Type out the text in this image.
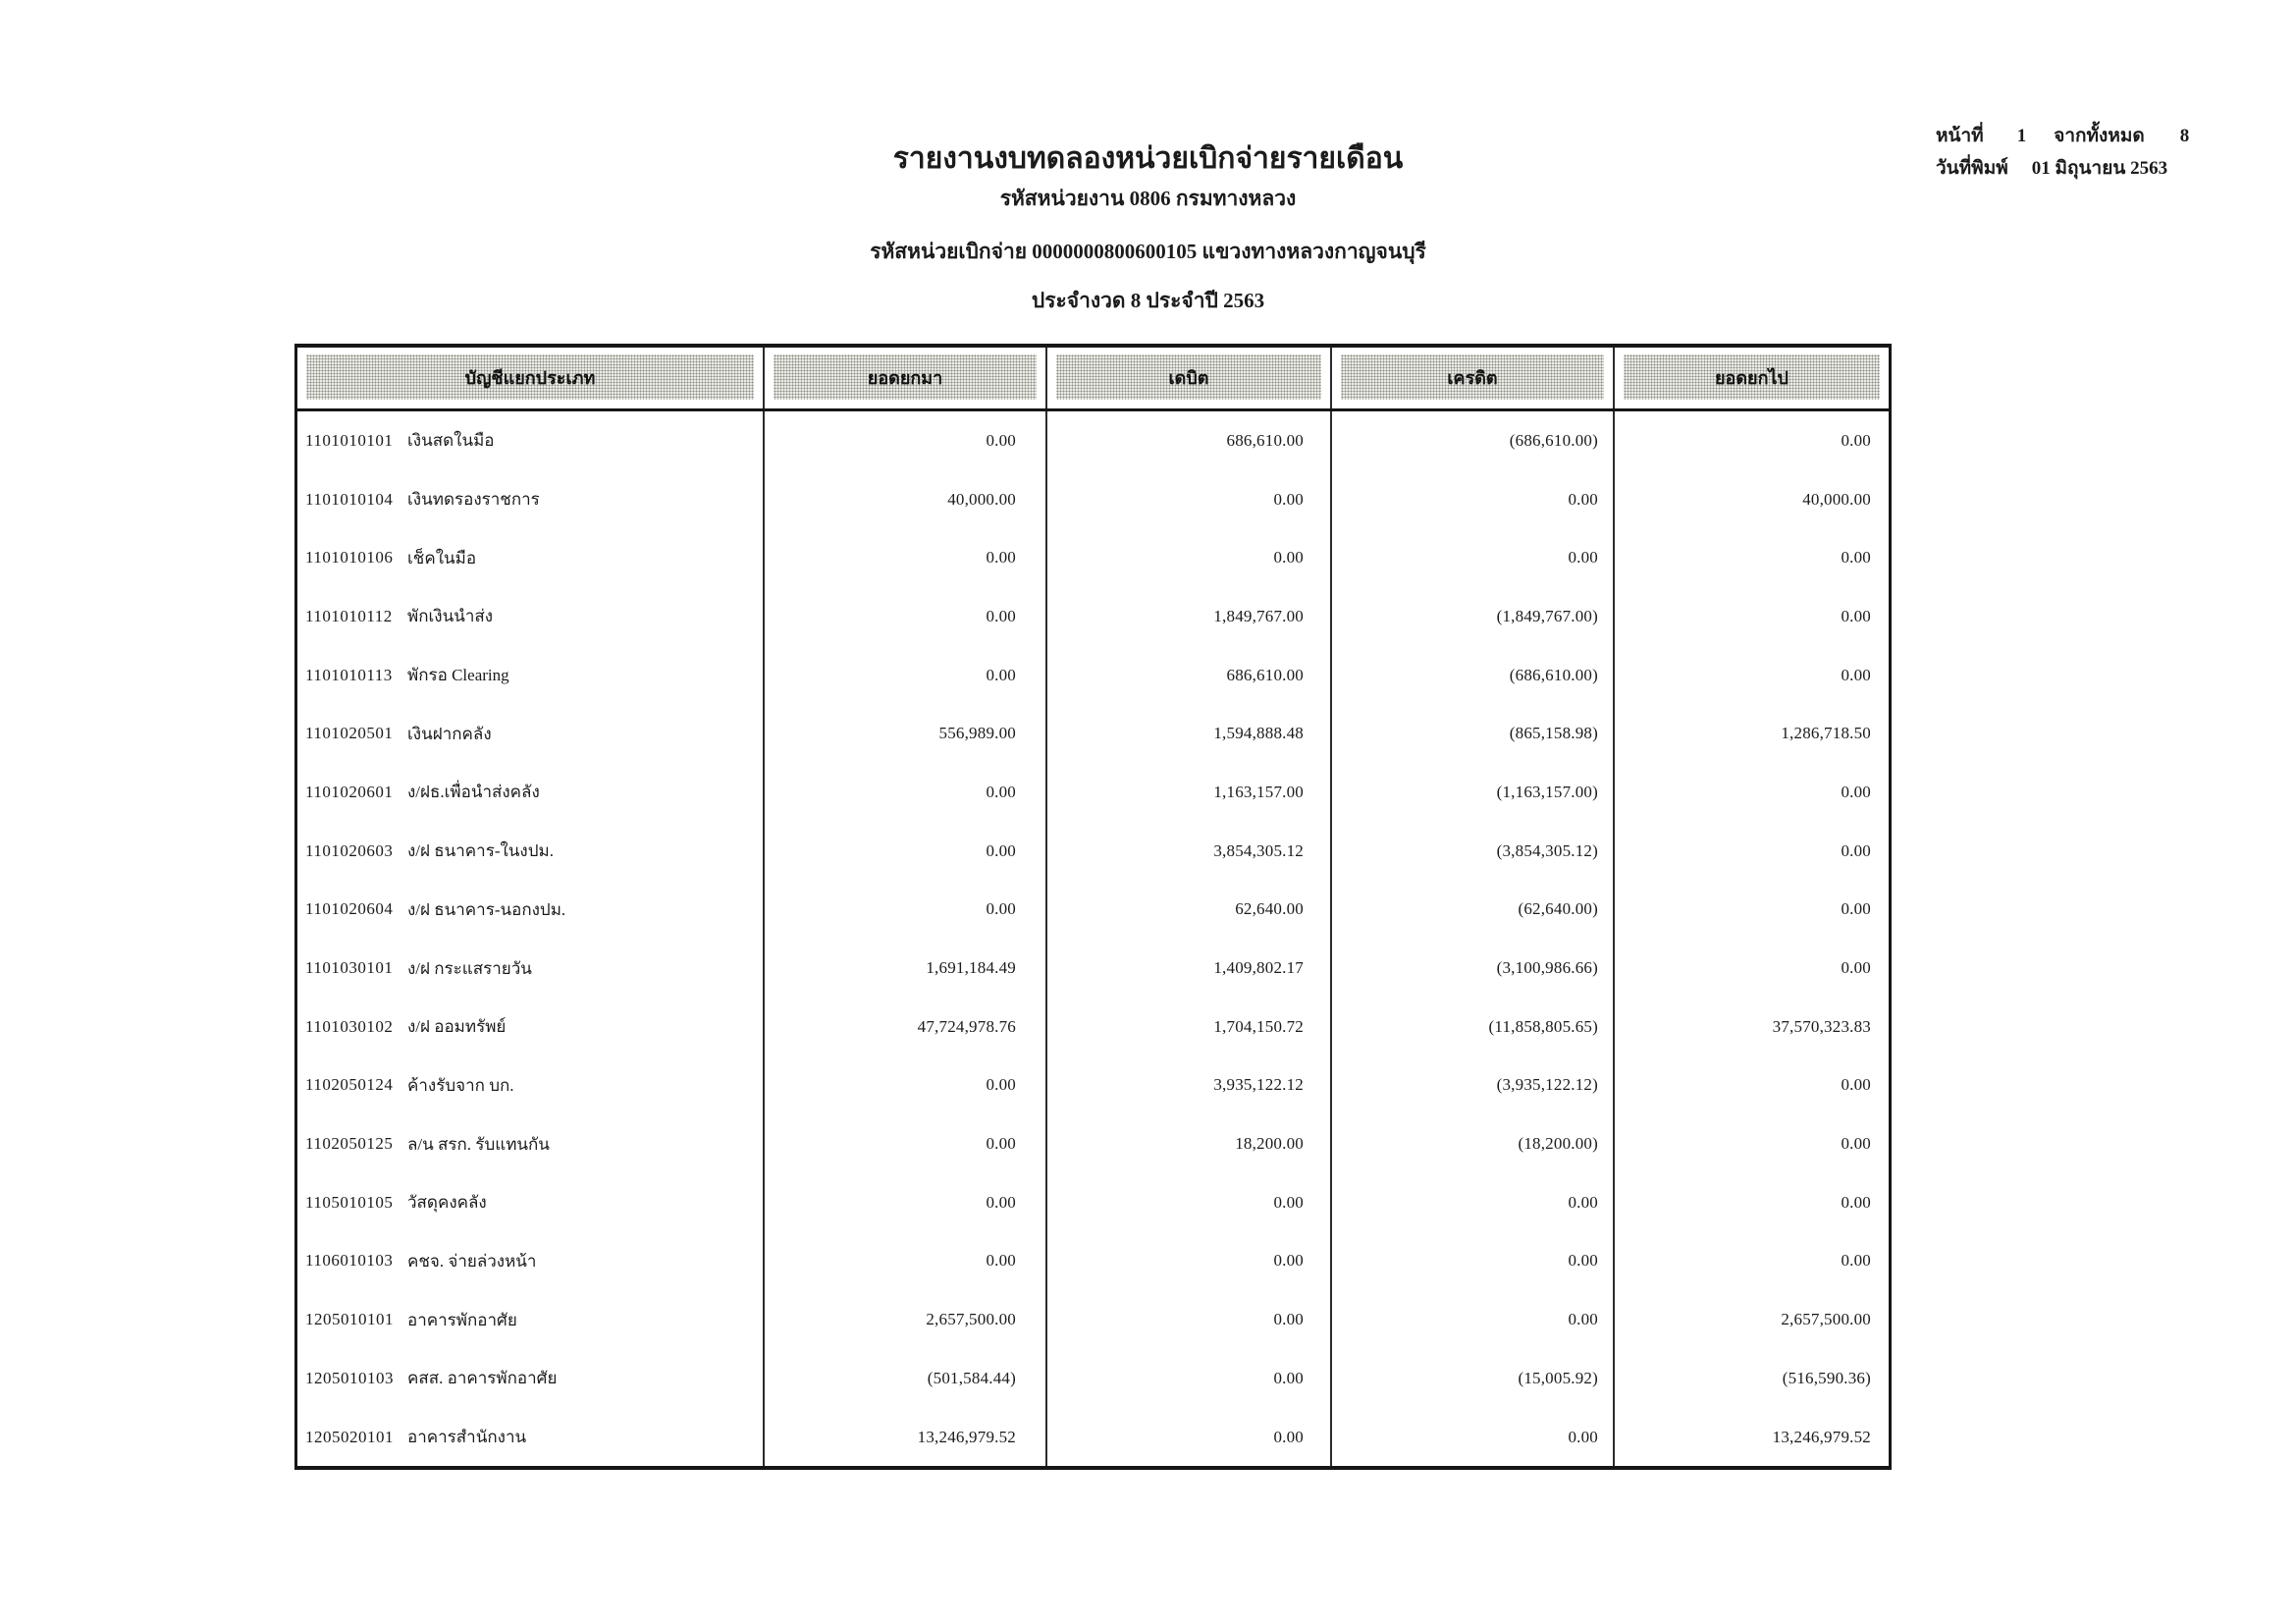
รายงานงบทดลองหน่วยเบิกจ่ายรายเดือน
รหัสหน่วยงาน 0806 กรมทางหลวง
รหัสหน่วยเบิกจ่าย 0000000800600105 แขวงทางหลวงกาญจนบุรี
ประจำงวด 8 ประจำปี 2563
หน้าที่ 1 จากทั้งหมด 8
วันที่พิมพ์ 01 มิถุนายน 2563
บัญชีแยกประเภท	ยอดยกมา	เดบิต	เครดิต	ยอดยกไป
1101010101 เงินสดในมือ	0.00	686,610.00	(686,610.00)	0.00
1101010104 เงินทดรองราชการ	40,000.00	0.00	0.00	40,000.00
1101010106 เช็คในมือ	0.00	0.00	0.00	0.00
1101010112 พักเงินนำส่ง	0.00	1,849,767.00	(1,849,767.00)	0.00
1101010113 พักรอ Clearing	0.00	686,610.00	(686,610.00)	0.00
1101020501 เงินฝากคลัง	556,989.00	1,594,888.48	(865,158.98)	1,286,718.50
1101020601 ง/ฝธ.เพื่อนำส่งคลัง	0.00	1,163,157.00	(1,163,157.00)	0.00
1101020603 ง/ฝ ธนาคาร-ในงปม.	0.00	3,854,305.12	(3,854,305.12)	0.00
1101020604 ง/ฝ ธนาคาร-นอกงปม.	0.00	62,640.00	(62,640.00)	0.00
1101030101 ง/ฝ กระแสรายวัน	1,691,184.49	1,409,802.17	(3,100,986.66)	0.00
1101030102 ง/ฝ ออมทรัพย์	47,724,978.76	1,704,150.72	(11,858,805.65)	37,570,323.83
1102050124 ค้างรับจาก บก.	0.00	3,935,122.12	(3,935,122.12)	0.00
1102050125 ล/น สรก. รับแทนกัน	0.00	18,200.00	(18,200.00)	0.00
1105010105 วัสดุคงคลัง	0.00	0.00	0.00	0.00
1106010103 คชจ. จ่ายล่วงหน้า	0.00	0.00	0.00	0.00
1205010101 อาคารพักอาศัย	2,657,500.00	0.00	0.00	2,657,500.00
1205010103 คสส. อาคารพักอาศัย	(501,584.44)	0.00	(15,005.92)	(516,590.36)
1205020101 อาคารสำนักงาน	13,246,979.52	0.00	0.00	13,246,979.52
